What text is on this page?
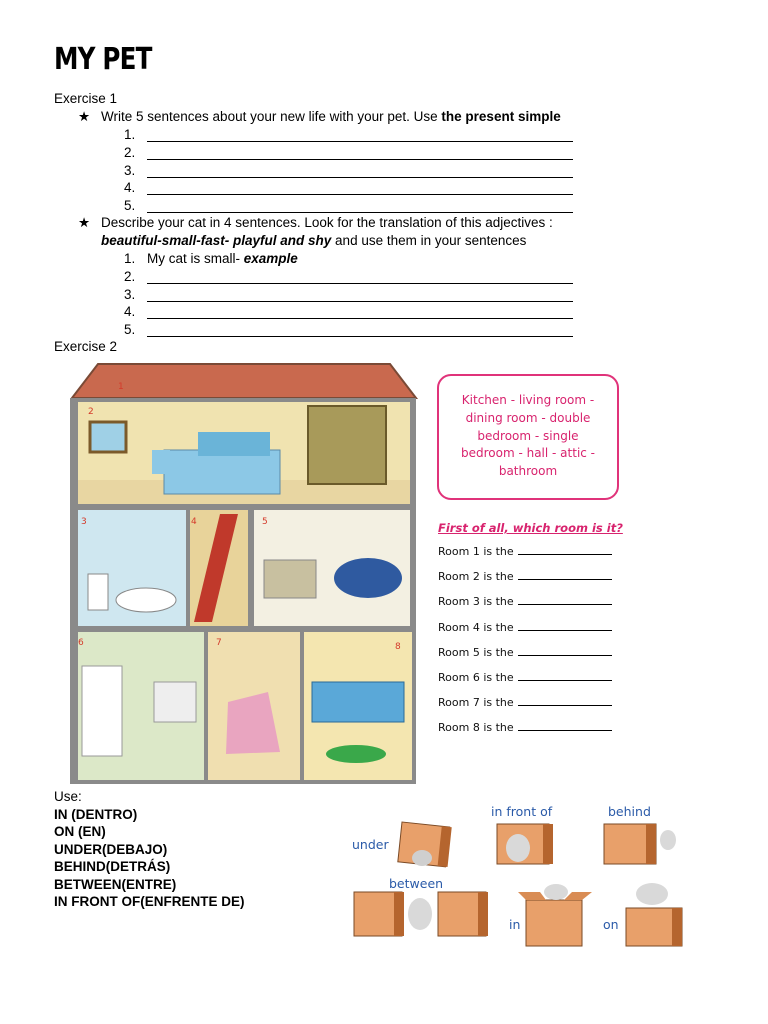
MY PET
Exercise 1
★ Write 5 sentences about your new life with your pet. Use the present simple
1.
2.
3.
4.
5.
★ Describe your cat in 4 sentences. Look for the translation of this adjectives :
beautiful-small-fast- playful and shy and use them in your sentences
1. My cat is small- example
2.
3.
4.
5.
Exercise 2
1
2
3	4	5
6	7	8
Kitchen - living room -
dining room - double
bedroom - single
bedroom - hall - attic -
bathroom
First of all, which room is it?
Room 1 is the
Room 2 is the
Room 3 is the
Room 4 is the
Room 5 is the
Room 6 is the
Room 7 is the
Room 8 is the
Use:
IN (DENTRO)
ON (EN)
UNDER(DEBAJO)
BEHIND(DETRÁS)
BETWEEN(ENTRE)
IN FRONT OF(ENFRENTE DE)
under
in front of	behind
between
in	on
